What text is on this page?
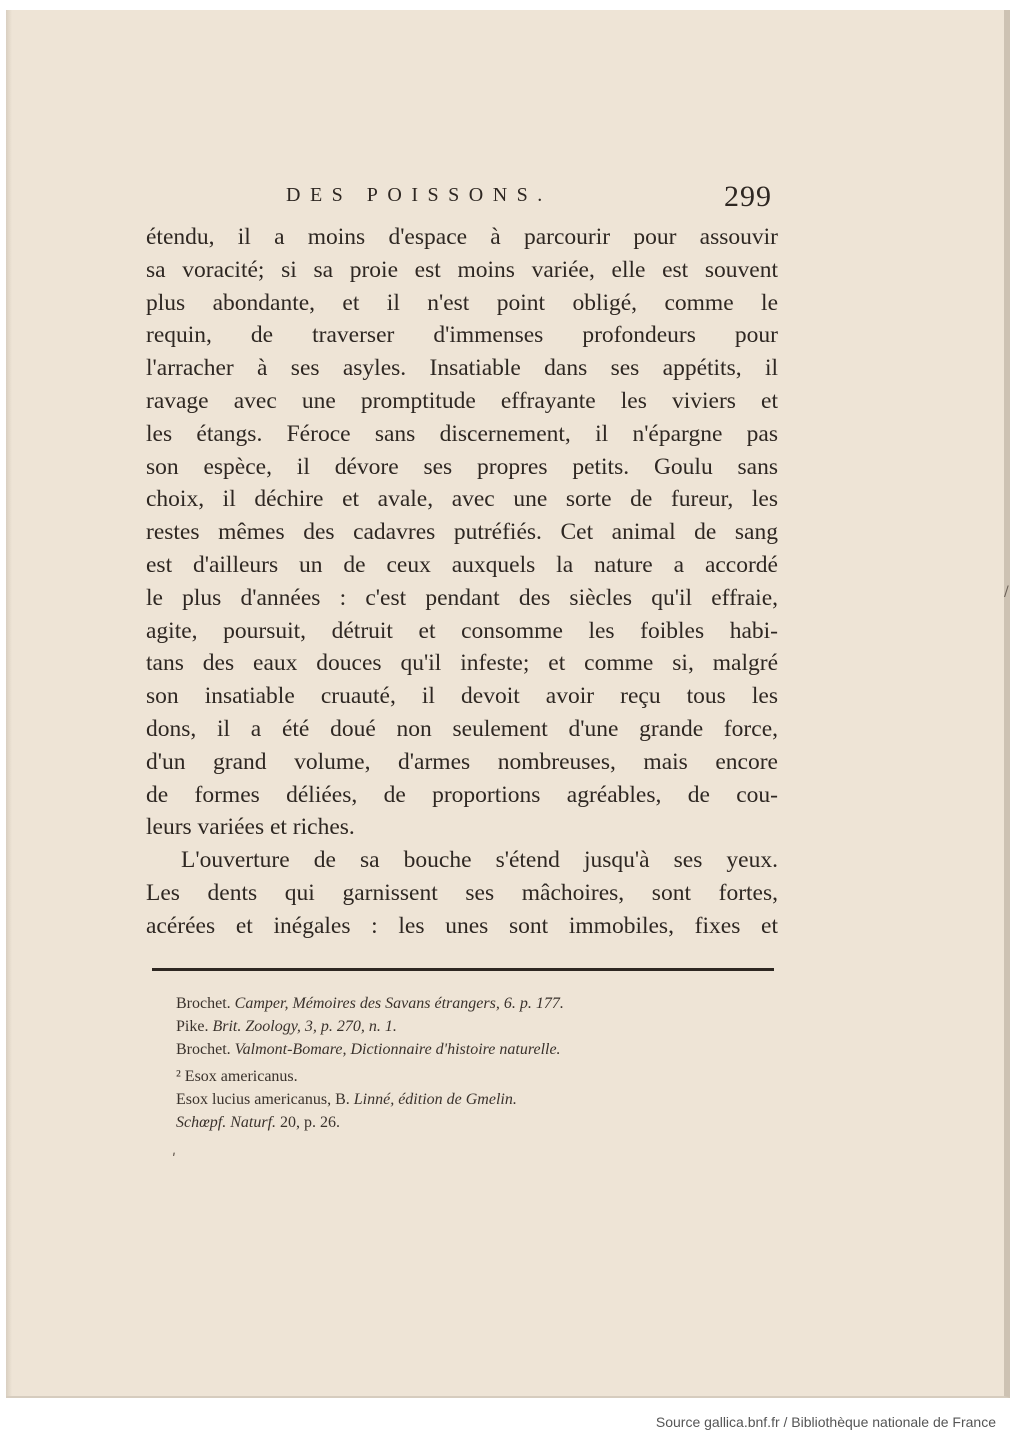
DES POISSONS.	299
étendu, il a moins d'espace à parcourir pour assouvir
sa voracité; si sa proie est moins variée, elle est souvent
plus abondante, et il n'est point obligé, comme le
requin, de traverser d'immenses profondeurs pour
l'arracher à ses asyles. Insatiable dans ses appétits, il
ravage avec une promptitude effrayante les viviers et
les étangs. Féroce sans discernement, il n'épargne pas
son espèce, il dévore ses propres petits. Goulu sans
choix, il déchire et avale, avec une sorte de fureur, les
restes mêmes des cadavres putréfiés. Cet animal de sang
est d'ailleurs un de ceux auxquels la nature a accordé
le plus d'années : c'est pendant des siècles qu'il effraie,
agite, poursuit, détruit et consomme les foibles habi-
tans des eaux douces qu'il infeste; et comme si, malgré
son insatiable cruauté, il devoit avoir reçu tous les
dons, il a été doué non seulement d'une grande force,
d'un grand volume, d'armes nombreuses, mais encore
de formes déliées, de proportions agréables, de cou-
leurs variées et riches.
L'ouverture de sa bouche s'étend jusqu'à ses yeux.
Les dents qui garnissent ses mâchoires, sont fortes,
acérées et inégales : les unes sont immobiles, fixes et
Brochet. Camper, Mémoires des Savans étrangers, 6. p. 177.
Pike. Brit. Zoology, 3, p. 270, n. 1.
Brochet. Valmont-Bomare, Dictionnaire d'histoire naturelle.
² Esox americanus.
Esox lucius americanus, B. Linné, édition de Gmelin.
Schœpf. Naturf. 20, p. 26.
ʹ
/
Source gallica.bnf.fr / Bibliothèque nationale de France
